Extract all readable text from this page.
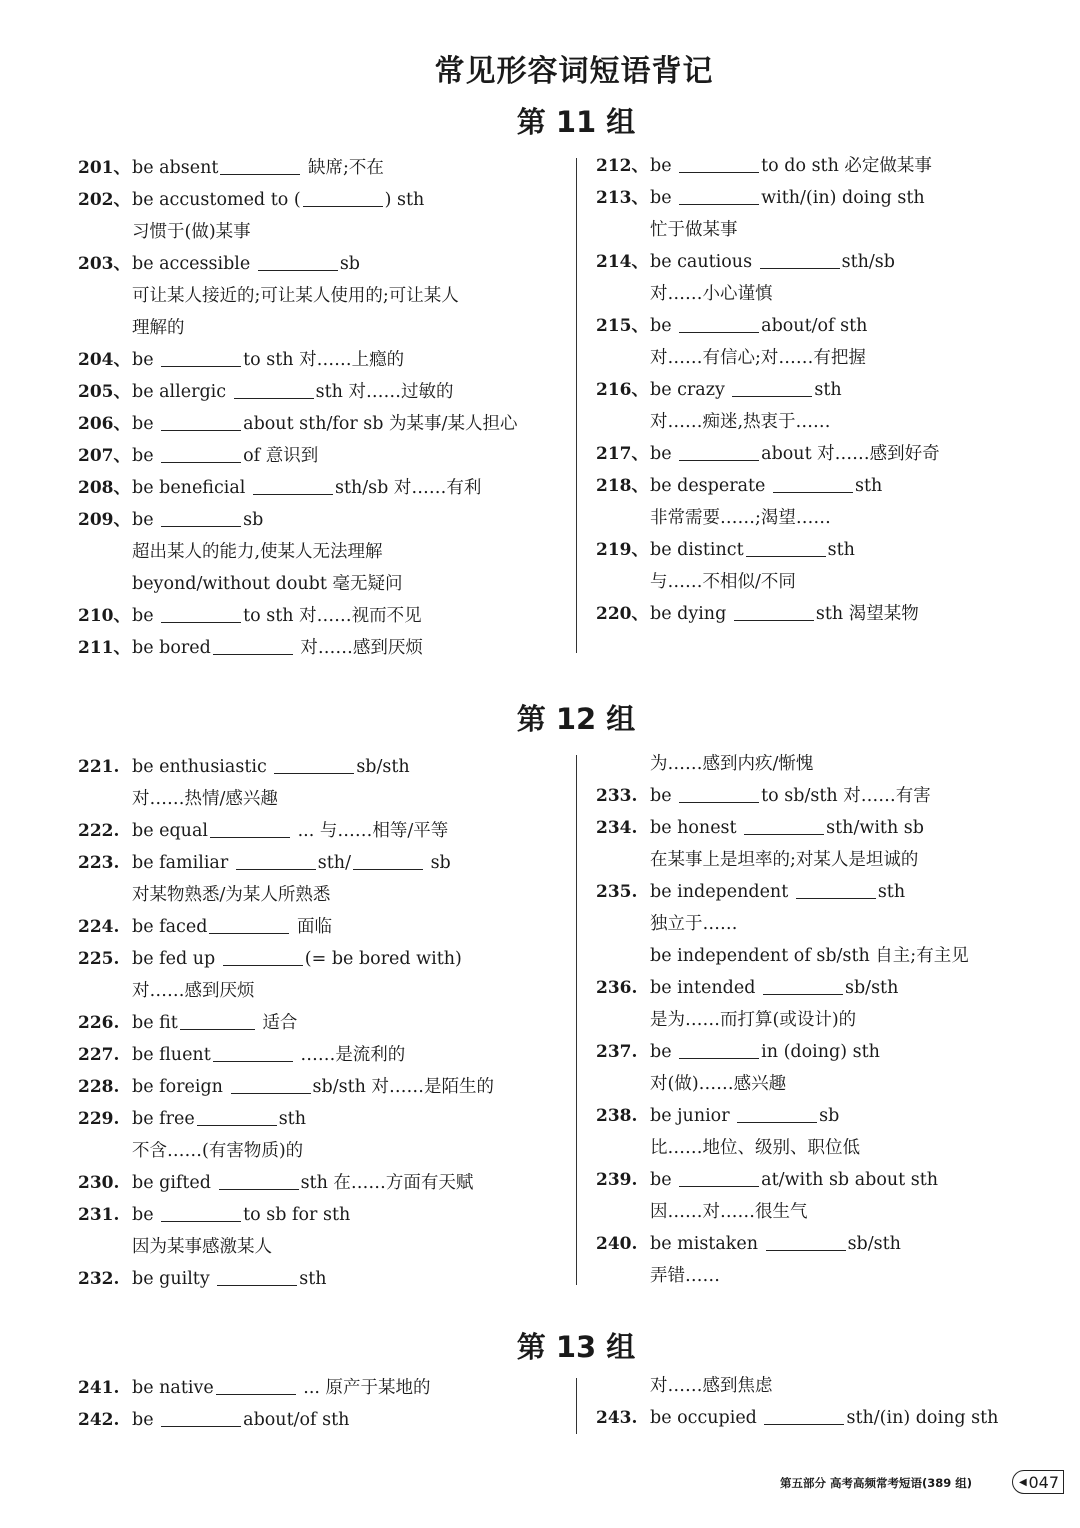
常见形容词短语背记
第 11 组
201、be absent	缺席;不在
202、be accustomed to (	) sth
习惯于(做)某事
203、be accessible	sb
可让某人接近的;可让某人使用的;可让某人
理解的
204、be	to sth 对……上瘾的
205、be allergic	sth 对……过敏的
206、be	about sth/for sb 为某事/某人担心
207、be	of 意识到
208、be beneficial	sth/sb 对……有利
209、be	sb
超出某人的能力,使某人无法理解
beyond/without doubt 毫无疑问
210、be	to sth 对……视而不见
211、be bored	对……感到厌烦
212、be	to do sth 必定做某事
213、be	with/(in) doing sth
忙于做某事
214、be cautious	sth/sb
对……小心谨慎
215、be	about/of sth
对……有信心;对……有把握
216、be crazy	sth
对……痴迷,热衷于……
217、be	about 对……感到好奇
218、be desperate	sth
非常需要……;渴望……
219、be distinct	sth
与……不相似/不同
220、be dying	sth 渴望某物
第 12 组
221. be enthusiastic	sb/sth
对……热情/感兴趣
222. be equal	... 与……相等/平等
223. be familiar	sth/	sb
对某物熟悉/为某人所熟悉
224. be faced	面临
225. be fed up	(= be bored with)
对……感到厌烦
226. be fit	适合
227. be fluent	……是流利的
228. be foreign	sb/sth 对……是陌生的
229. be free	sth
不含……(有害物质)的
230. be gifted	sth 在……方面有天赋
231. be	to sb for sth
因为某事感激某人
232. be guilty	sth
为……感到内疚/惭愧
233. be	to sb/sth 对……有害
234. be honest	sth/with sb
在某事上是坦率的;对某人是坦诚的
235. be independent	sth
独立于……
be independent of sb/sth 自主;有主见
236. be intended	sb/sth
是为……而打算(或设计)的
237. be	in (doing) sth
对(做)……感兴趣
238. be junior	sb
比……地位、级别、职位低
239. be	at/with sb about sth
因……对……很生气
240. be mistaken	sb/sth
弄错……
第 13 组
241. be native	... 原产于某地的
242. be	about/of sth
对……感到焦虑
243. be occupied	sth/(in) doing sth
第五部分 高考高频常考短语(389 组)	◀ 047
